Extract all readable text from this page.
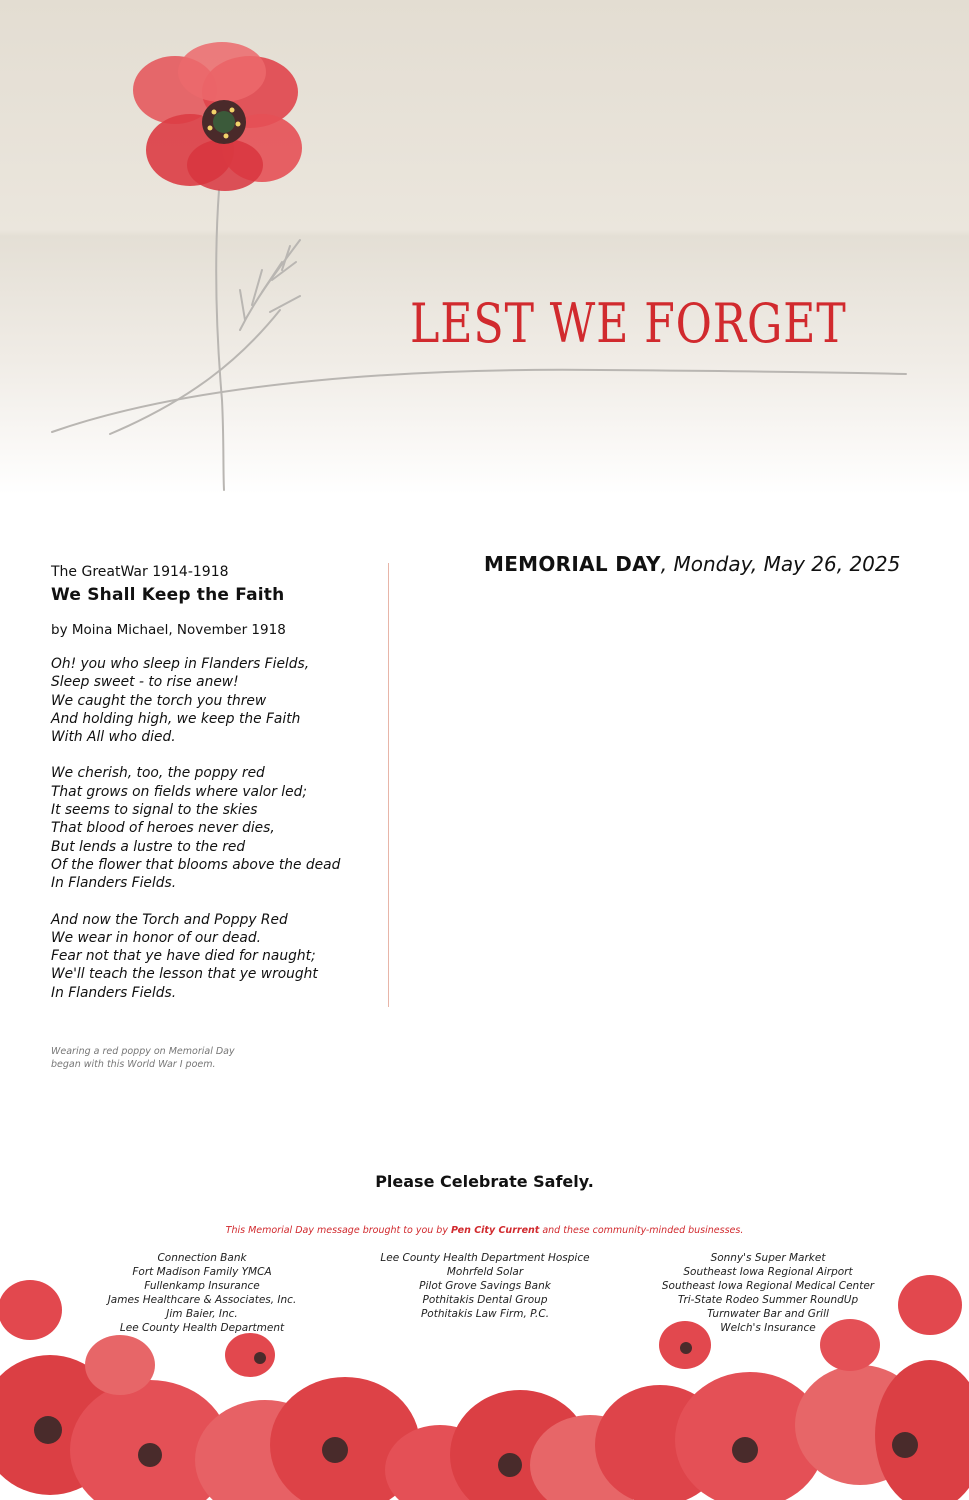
LEST WE FORGET

The GreatWar 1914-1918

We Shall Keep the Faith

by Moina Michael, November 1918

Oh! you who sleep in Flanders Fields,
Sleep sweet - to rise anew!
We caught the torch you threw
And holding high, we keep the Faith
With All who died.
We cherish, too, the poppy red
That grows on fields where valor led;
It seems to signal to the skies
That blood of heroes never dies,
But lends a lustre to the red
Of the flower that blooms above the dead
In Flanders Fields.
And now the Torch and Poppy Red
We wear in honor of our dead.
Fear not that ye have died for naught;
We'll teach the lesson that ye wrought
In Flanders Fields.
Wearing a red poppy on Memorial Day
began with this World War I poem.
MEMORIAL DAY, Monday, May 26, 2025
Please Celebrate Safely.
This Memorial Day message brought to you by Pen City Current and these community-minded businesses.
Connection Bank
Fort Madison Family YMCA
Fullenkamp Insurance
James Healthcare & Associates, Inc.
Jim Baier, Inc.
Lee County Health Department
Lee County Health Department Hospice
Mohrfeld Solar
Pilot Grove Savings Bank
Pothitakis Dental Group
Pothitakis Law Firm, P.C.
Sonny's Super Market
Southeast Iowa Regional Airport
Southeast Iowa Regional Medical Center
Tri-State Rodeo Summer RoundUp
Turnwater Bar and Grill
Welch's Insurance
